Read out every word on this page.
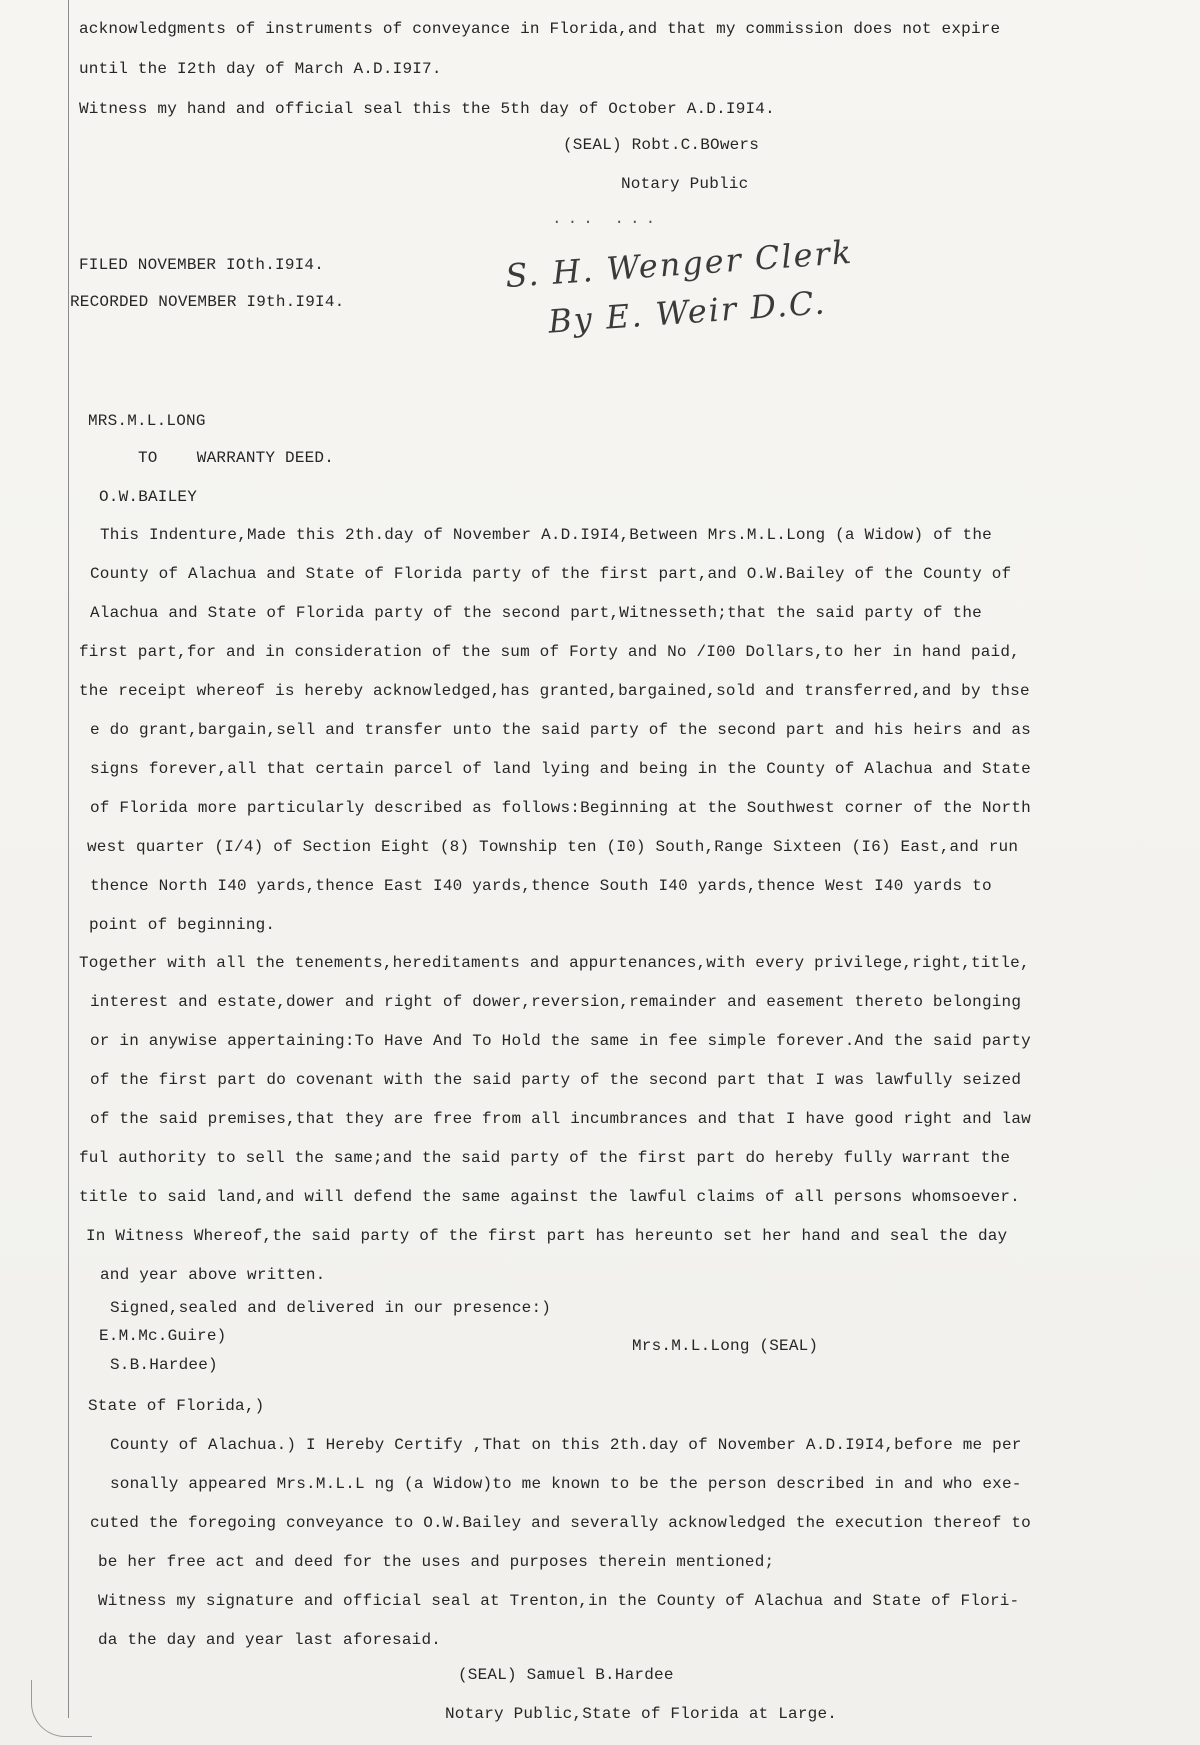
acknowledgments of instruments of conveyance in Florida,and that my commission does not expire
until the I2th day of March A.D.I9I7.
Witness my hand and official seal this the 5th day of October A.D.I9I4.
(SEAL) Robt.C.BOwers
Notary Public
... ...
FILED NOVEMBER IOth.I9I4.
RECORDED NOVEMBER I9th.I9I4.
S. H. Wenger Clerk
By E. Weir D.C.
MRS.M.L.LONG
TO    WARRANTY DEED.
O.W.BAILEY
This Indenture,Made this 2th.day of November A.D.I9I4,Between Mrs.M.L.Long (a Widow) of the
County of Alachua and State of Florida party of the first part,and O.W.Bailey of the County of
Alachua and State of Florida party of the second part,Witnesseth;that the said party of the
first part,for and in consideration of the sum of Forty and No /I00 Dollars,to her in hand paid,
the receipt whereof is hereby acknowledged,has granted,bargained,sold and transferred,and by thse
e do grant,bargain,sell and transfer unto the said party of the second part and his heirs and as
signs forever,all that certain parcel of land lying and being in the County of Alachua and State
of Florida more particularly described as follows:Beginning at the Southwest corner of the North
west quarter (I/4) of Section Eight (8) Township ten (I0) South,Range Sixteen (I6) East,and run
thence North I40 yards,thence East I40 yards,thence South I40 yards,thence West I40 yards to
point of beginning.
Together with all the tenements,hereditaments and appurtenances,with every privilege,right,title,
interest and estate,dower and right of dower,reversion,remainder and easement thereto belonging
or in anywise appertaining:To Have And To Hold the same in fee simple forever.And the said party
of the first part do covenant with the said party of the second part that I was lawfully seized
of the said premises,that they are free from all incumbrances and that I have good right and law
ful authority to sell the same;and the said party of the first part do hereby fully warrant the
title to said land,and will defend the same against the lawful claims of all persons whomsoever.
In Witness Whereof,the said party of the first part has hereunto set her hand and seal the day
and year above written.
Signed,sealed and delivered in our presence:)
E.M.Mc.Guire)
S.B.Hardee)
Mrs.M.L.Long (SEAL)
State of Florida,)
County of Alachua.) I Hereby Certify ,That on this 2th.day of November A.D.I9I4,before me per
sonally appeared Mrs.M.L.L ng (a Widow)to me known to be the person described in and who exe-
cuted the foregoing conveyance to O.W.Bailey and severally acknowledged the execution thereof to
be her free act and deed for the uses and purposes therein mentioned;
Witness my signature and official seal at Trenton,in the County of Alachua and State of Flori-
da the day and year last aforesaid.
(SEAL) Samuel B.Hardee
Notary Public,State of Florida at Large.
